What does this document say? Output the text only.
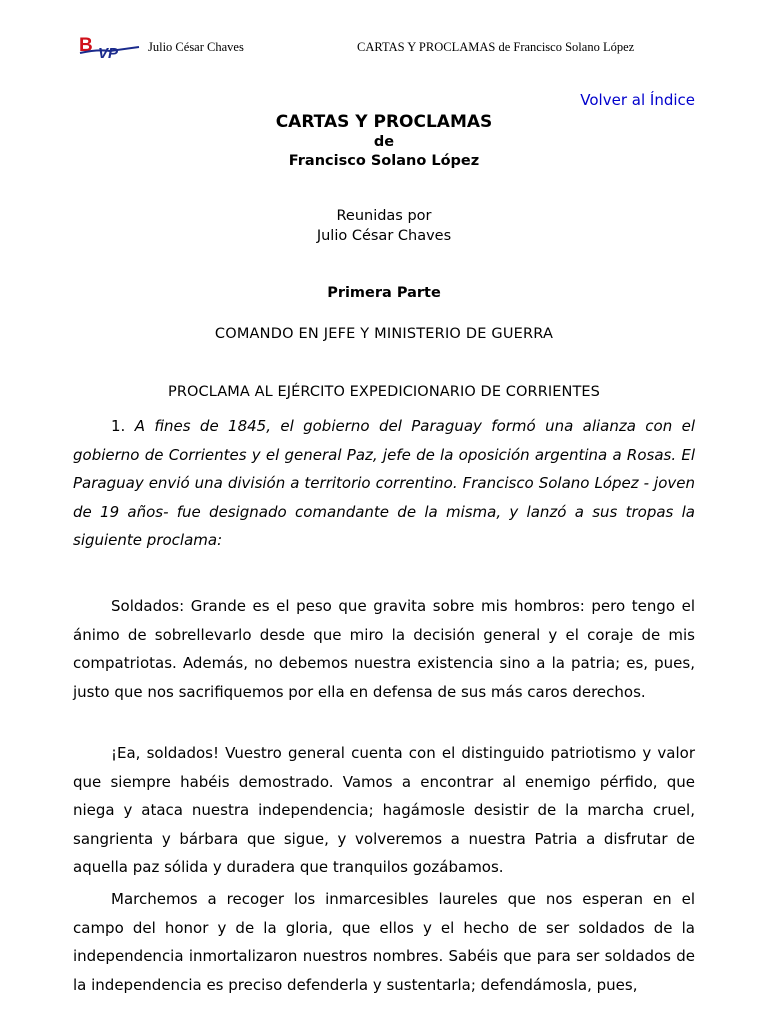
B VP Julio César Chaves	CARTAS Y PROCLAMAS de Francisco Solano López
Volver al Índice
CARTAS Y PROCLAMAS
de
Francisco Solano López
Reunidas por
Julio César Chaves
Primera Parte
COMANDO EN JEFE Y MINISTERIO DE GUERRA
PROCLAMA AL EJÉRCITO EXPEDICIONARIO DE CORRIENTES

1. A fines de 1845, el gobierno del Paraguay formó una alianza con el gobierno de Corrientes y el general Paz, jefe de la oposición argentina a Rosas. El Paraguay envió una división a territorio correntino. Francisco Solano López - joven de 19 años- fue designado comandante de la misma, y lanzó a sus tropas la siguiente proclama:

Soldados: Grande es el peso que gravita sobre mis hombros: pero tengo el ánimo de sobrellevarlo desde que miro la decisión general y el coraje de mis compatriotas. Además, no debemos nuestra existencia sino a la patria; es, pues, justo que nos sacrifiquemos por ella en defensa de sus más caros derechos.

¡Ea, soldados! Vuestro general cuenta con el distinguido patriotismo y valor que siempre habéis demostrado. Vamos a encontrar al enemigo pérfido, que niega y ataca nuestra independencia; hagámosle desistir de la marcha cruel, sangrienta y bárbara que sigue, y volveremos a nuestra Patria a disfrutar de aquella paz sólida y duradera que tranquilos gozábamos.

Marchemos a recoger los inmarcesibles laureles que nos esperan en el campo del honor y de la gloria, que ellos y el hecho de ser soldados de la independencia inmortalizaron nuestros nombres. Sabéis que para ser soldados de la independencia es preciso defenderla y sustentarla; defendámosla, pues,
